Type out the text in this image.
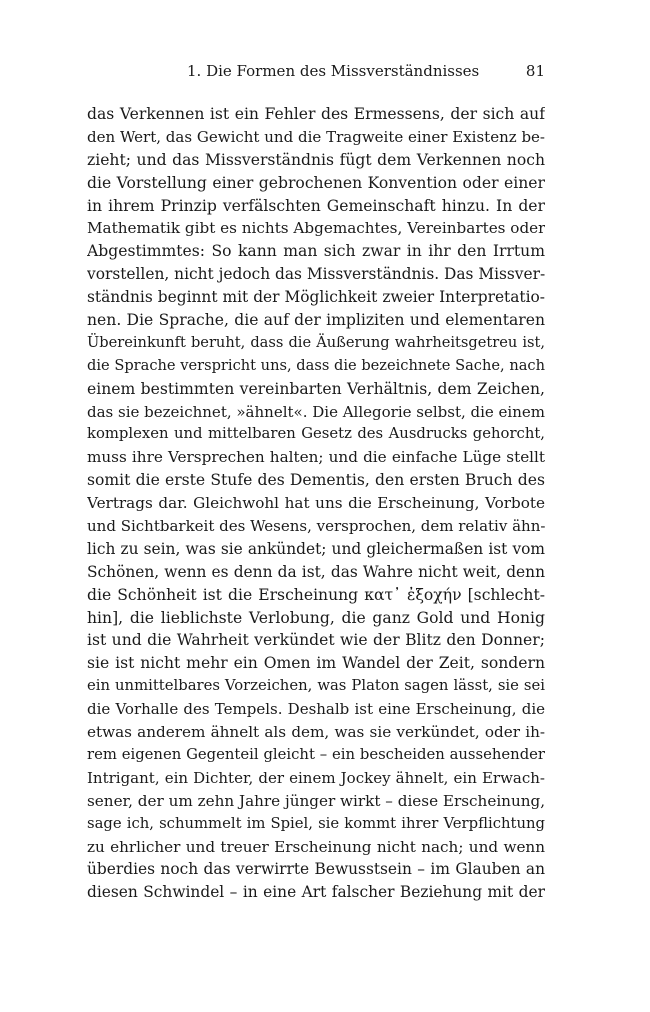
1. Die Formen des Missverständnisses	81
das Verkennen ist ein Fehler des Ermessens, der sich auf
den Wert, das Gewicht und die Tragweite einer Existenz be-
zieht; und das Missverständnis fügt dem Verkennen noch
die Vorstellung einer gebrochenen Konvention oder einer
in ihrem Prinzip verfälschten Gemeinschaft hinzu. In der
Mathematik gibt es nichts Abgemachtes, Vereinbartes oder
Abgestimmtes: So kann man sich zwar in ihr den Irrtum
vorstellen, nicht jedoch das Missverständnis. Das Missver-
ständnis beginnt mit der Möglichkeit zweier Interpretatio-
nen. Die Sprache, die auf der impliziten und elementaren
Übereinkunft beruht, dass die Äußerung wahrheitsgetreu ist,
die Sprache verspricht uns, dass die bezeichnete Sache, nach
einem bestimmten vereinbarten Verhältnis, dem Zeichen,
das sie bezeichnet, »ähnelt«. Die Allegorie selbst, die einem
komplexen und mittelbaren Gesetz des Ausdrucks gehorcht,
muss ihre Versprechen halten; und die einfache Lüge stellt
somit die erste Stufe des Dementis, den ersten Bruch des
Vertrags dar. Gleichwohl hat uns die Erscheinung, Vorbote
und Sichtbarkeit des Wesens, versprochen, dem relativ ähn-
lich zu sein, was sie ankündet; und gleichermaßen ist vom
Schönen, wenn es denn da ist, das Wahre nicht weit, denn
die Schönheit ist die Erscheinung κατ᾽ ἐξοχήν [schlecht-
hin], die lieblichste Verlobung, die ganz Gold und Honig
ist und die Wahrheit verkündet wie der Blitz den Donner;
sie ist nicht mehr ein Omen im Wandel der Zeit, sondern
ein unmittelbares Vorzeichen, was Platon sagen lässt, sie sei
die Vorhalle des Tempels. Deshalb ist eine Erscheinung, die
etwas anderem ähnelt als dem, was sie verkündet, oder ih-
rem eigenen Gegenteil gleicht – ein bescheiden aussehender
Intrigant, ein Dichter, der einem Jockey ähnelt, ein Erwach-
sener, der um zehn Jahre jünger wirkt – diese Erscheinung,
sage ich, schummelt im Spiel, sie kommt ihrer Verpflichtung
zu ehrlicher und treuer Erscheinung nicht nach; und wenn
überdies noch das verwirrte Bewusstsein – im Glauben an
diesen Schwindel – in eine Art falscher Beziehung mit der
